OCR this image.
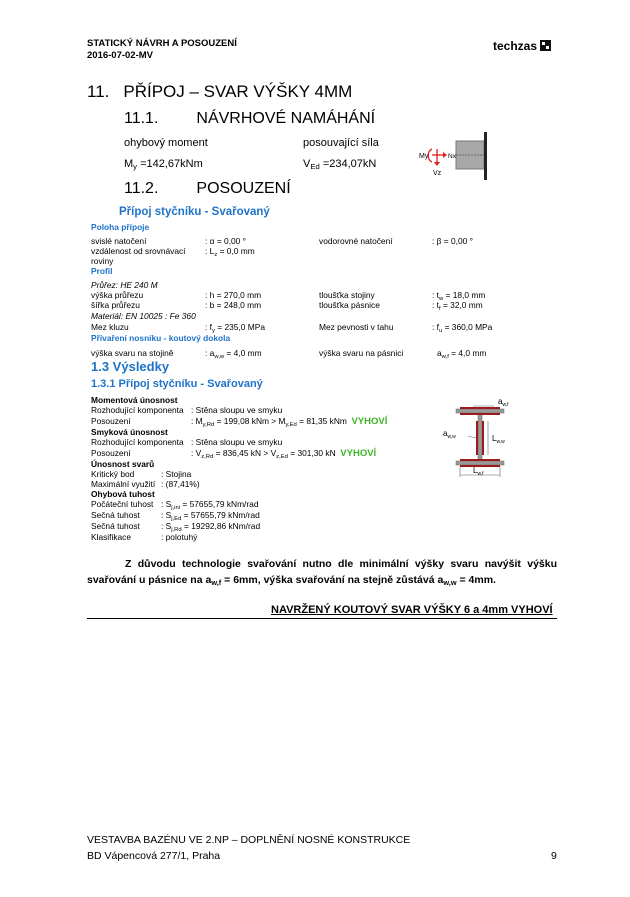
STATICKÝ NÁVRH A POSOUZENÍ
2016-07-02-MV
techzas
11. PŘÍPOJ – SVAR VÝŠKY 4MM
11.1. NÁVRHOVÉ NAMÁHÁNÍ
ohybový moment	posouvající síla
$M_y =142,67kNm$	$V_{Ed} =234,07kN$
My	Nx
Vz
11.2. POSOUZENÍ
Přípoj styčníku - Svařovaný
Poloha přípoje
svislé natočení	: α = 0,00 °	vodorovné natočení	: β = 0,00 °
vzdálenost od srovnávací : $L_z = 0,0$ mm
roviny
Profil
Průřez: HE 240 M
výška průřezu	: h = 270,0 mm	tloušťka stojiny	: $t_w = 18,0$ mm
šířka průřezu	: b = 248,0 mm	tloušťka pásnice	: $t_f = 32,0$ mm
Materiál: EN 10025 : Fe 360
Mez kluzu	: $f_y = 235,0$ MPa	Mez pevnosti v tahu	: $f_u = 360,0$ MPa
Přivaření nosníku - koutový dokola
výška svaru na stojině	: $a_{w,w} = 4,0$ mm	výška svaru na pásnici	$a_{w,f} = 4,0$ mm
1.3 Výsledky
1.3.1 Přípoj styčníku - Svařovaný
Momentová únosnost
Rozhodující komponenta : Stěna sloupu ve smyku
Posouzení	: $M_{y,Rd} = 199,08$ kNm > $M_{y,Ed} = 81,35$ kNm VYHOVÍ
Smyková únosnost
Rozhodující komponenta : Stěna sloupu ve smyku
Posouzení	: $V_{z,Rd} = 836,45$ kN > $V_{z,Ed} = 301,30$ kN VYHOVÍ
Únosnost svarů
Kritický bod	: Stojina
Maximální využití : (87,41%)
Ohybová tuhost
Počáteční tuhost : $S_{j,ini} = 57655,79$ kNm/rad
Sečná tuhost	: $S_{j,Ed} = 57655,79$ kNm/rad
Sečná tuhost	: $S_{j,Rd} = 19292,86$ kNm/rad
Klasifikace	: polotuhý
$a_{w,f}$
$a_{w,w}$	$L_{w,w}$
$L_{w,f}$
Z důvodu technologie svařování nutno dle minimální výšky svaru navýšit výšku svařování u pásnice na $a_{w,f} = 6mm$, výška svařování na stejně zůstává $a_{w,w} = 4mm$.
NAVRŽENÝ KOUTOVÝ SVAR VÝŠKY 6 a 4mm VYHOVÍ
VESTAVBA BAZÉNU VE 2.NP – DOPLNĚNÍ NOSNÉ KONSTRUKCE
BD Vápencová 277/1, Praha	9
